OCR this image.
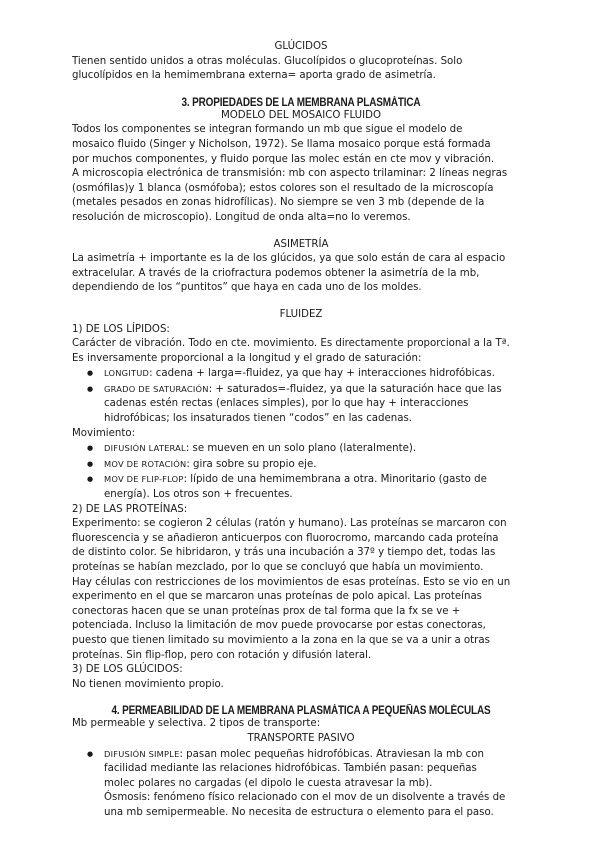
GLÚCIDOS

Tienen sentido unidos a otras moléculas. Glucolípidos o glucoproteínas. Solo

glucolípidos en la hemimembrana externa= aporta grado de asimetría.

3. PROPIEDADES DE LA MEMBRANA PLASMÁTICA

MODELO DEL MOSAICO FLUIDO

Todos los componentes se integran formando un mb que sigue el modelo de

mosaico fluido (Singer y Nicholson, 1972). Se llama mosaico porque está formada

por muchos componentes, y fluido porque las molec están en cte mov y vibración.

A microscopia electrónica de transmisión: mb con aspecto trilaminar: 2 líneas negras

(osmófilas)y 1 blanca (osmófoba); estos colores son el resultado de la microscopía

(metales pesados en zonas hidrofílicas). No siempre se ven 3 mb (depende de la

resolución de microscopio). Longitud de onda alta=no lo veremos.

ASIMETRÍA

La asimetría + importante es la de los glúcidos, ya que solo están de cara al espacio

extracelular. A través de la criofractura podemos obtener la asimetría de la mb,

dependiendo de los “puntitos” que haya en cada uno de los moldes.

FLUIDEZ

1) DE LOS LÍPIDOS:

Carácter de vibración. Todo en cte. movimiento. Es directamente proporcional a la Tª.

Es inversamente proporcional a la longitud y el grado de saturación:

● LONGITUD: cadena + larga=-fluidez, ya que hay + interacciones hidrofóbicas.
● GRADO DE SATURACIÓN: + saturados=-fluidez, ya que la saturación hace que las
cadenas estén rectas (enlaces simples), por lo que hay + interacciones
hidrofóbicas; los insaturados tienen “codos” en las cadenas.

Movimiento:

● DIFUSIÓN LATERAL: se mueven en un solo plano (lateralmente).
● MOV DE ROTACIÓN: gira sobre su propio eje.
● MOV DE FLIP-FLOP: lípido de una hemimembrana a otra. Minoritario (gasto de
energía). Los otros son + frecuentes.

2) DE LAS PROTEÍNAS:

Experimento: se cogieron 2 células (ratón y humano). Las proteínas se marcaron con

fluorescencia y se añadieron anticuerpos con fluorocromo, marcando cada proteína

de distinto color. Se hibridaron, y trás una incubación a 37º y tiempo det, todas las

proteínas se habían mezclado, por lo que se concluyó que había un movimiento.

Hay células con restricciones de los movimientos de esas proteínas. Esto se vio en un

experimento en el que se marcaron unas proteínas de polo apical. Las proteínas

conectoras hacen que se unan proteínas prox de tal forma que la fx se ve +

potenciada. Incluso la limitación de mov puede provocarse por estas conectoras,

puesto que tienen limitado su movimiento a la zona en la que se va a unir a otras

proteínas. Sin flip-flop, pero con rotación y difusión lateral.

3) DE LOS GLÚCIDOS:

No tienen movimiento propio.

4. PERMEABILIDAD DE LA MEMBRANA PLASMÁTICA A PEQUEÑAS MOLÉCULAS

Mb permeable y selectiva. 2 tipos de transporte:

TRANSPORTE PASIVO

● DIFUSIÓN SIMPLE: pasan molec pequeñas hidrofóbicas. Atraviesan la mb con
facilidad mediante las relaciones hidrofóbicas. También pasan: pequeñas
molec polares no cargadas (el dipolo le cuesta atravesar la mb).
Ósmosis: fenómeno físico relacionado con el mov de un disolvente a través de
una mb semipermeable. No necesita de estructura o elemento para el paso.
